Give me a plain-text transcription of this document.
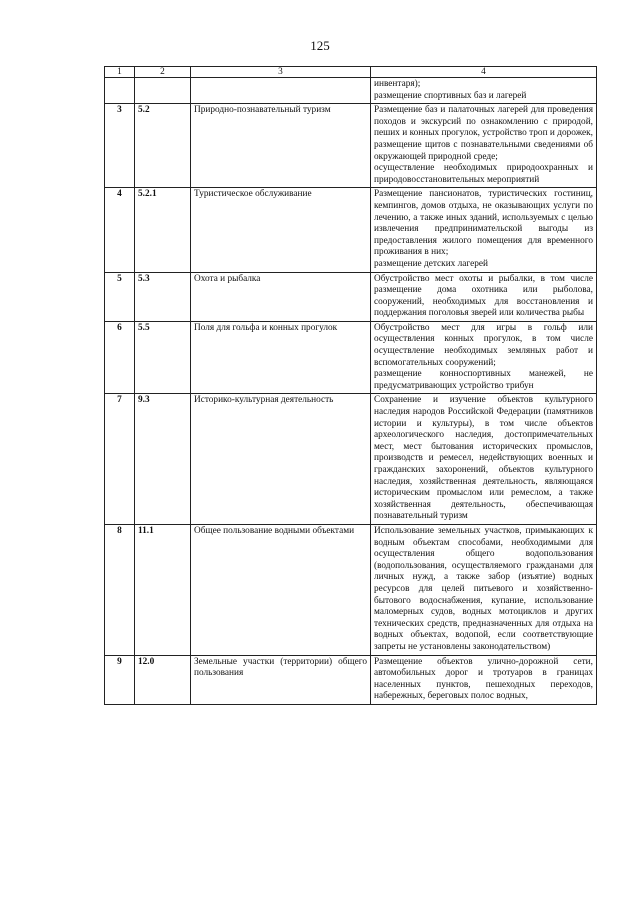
125
1	2	3	4

			инвентаря);
размещение спортивных баз и лагерей

3	5.2	Природно-познавательный туризм	Размещение баз и палаточных лагерей для проведения походов и экскурсий по ознакомлению с природой, пеших и конных прогулок, устройство троп и дорожек, размещение щитов с познавательными сведениями об окружающей природной среде;
осуществление необходимых природоохранных и природовосстановительных мероприятий

4	5.2.1	Туристическое обслуживание	Размещение пансионатов, туристических гостиниц, кемпингов, домов отдыха, не оказывающих услуги по лечению, а также иных зданий, используемых с целью извлечения предпринимательской выгоды из предоставления жилого помещения для временного проживания в них;
размещение детских лагерей

5	5.3	Охота и рыбалка	Обустройство мест охоты и рыбалки, в том числе размещение дома охотника или рыболова, сооружений, необходимых для восстановления и поддержания поголовья зверей или количества рыбы

6	5.5	Поля для гольфа и конных прогулок	Обустройство мест для игры в гольф или осуществления конных прогулок, в том числе осуществление необходимых земляных работ и вспомогательных сооружений;
размещение конноспортивных манежей, не предусматривающих устройство трибун

7	9.3	Историко-культурная деятельность	Сохранение и изучение объектов культурного наследия народов Российской Федерации (памятников истории и культуры), в том числе объектов археологического наследия, достопримечательных мест, мест бытования исторических промыслов, производств и ремесел, недействующих военных и гражданских захоронений, объектов культурного наследия, хозяйственная деятельность, являющаяся историческим промыслом или ремеслом, а также хозяйственная деятельность, обеспечивающая познавательный туризм

8	11.1	Общее пользование водными объектами	Использование земельных участков, примыкающих к водным объектам способами, необходимыми для осуществления общего водопользования (водопользования, осуществляемого гражданами для личных нужд, а также забор (изъятие) водных ресурсов для целей питьевого и хозяйственно-бытового водоснабжения, купание, использование маломерных судов, водных мотоциклов и других технических средств, предназначенных для отдыха на водных объектах, водопой, если соответствующие запреты не установлены законодательством)

9	12.0	Земельные участки (территории) общего пользования	Размещение объектов улично-дорожной сети, автомобильных дорог и тротуаров в границах населенных пунктов, пешеходных переходов, набережных, береговых полос водных,
